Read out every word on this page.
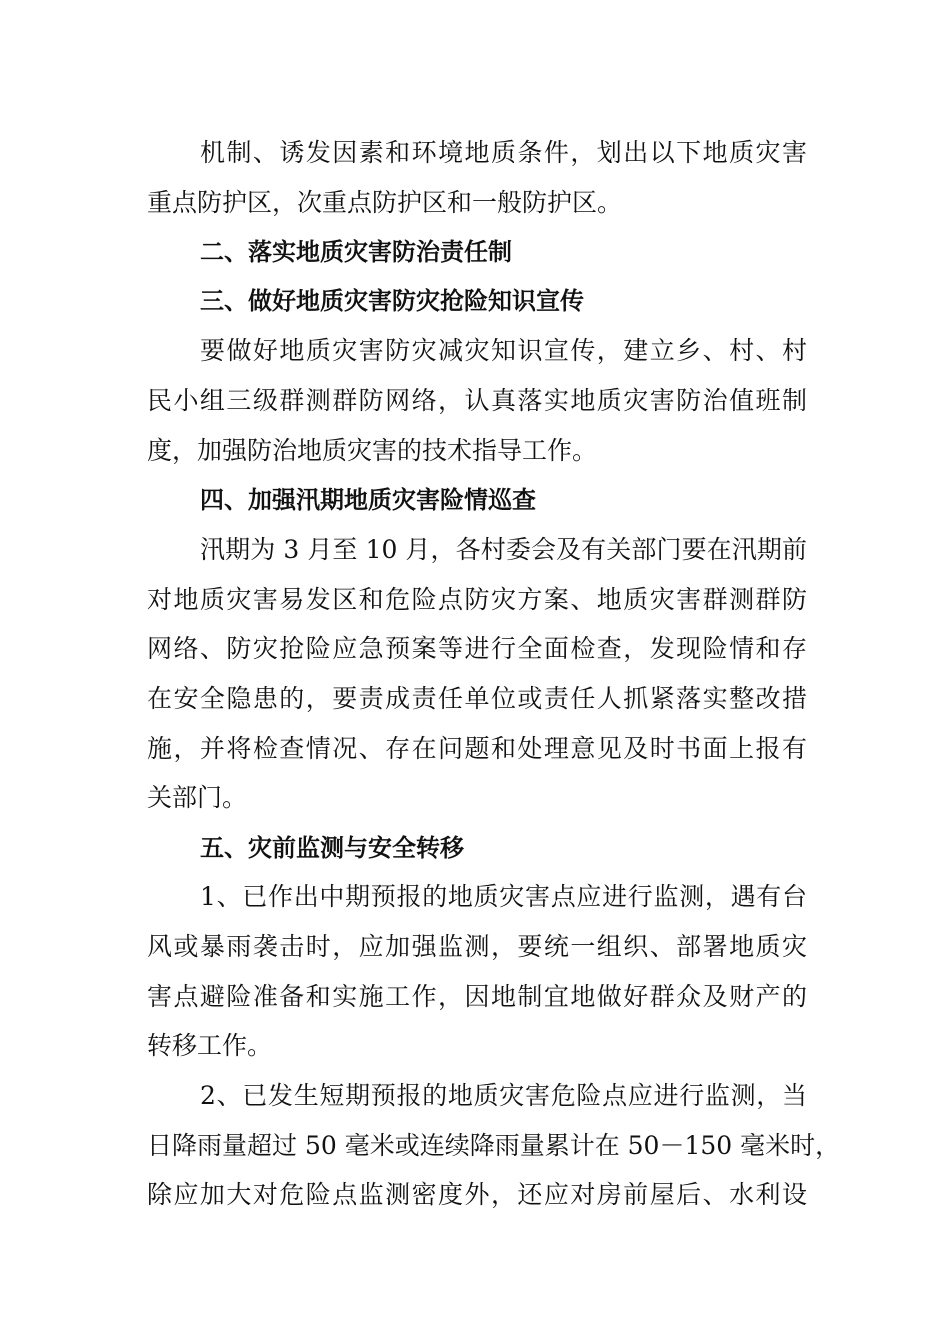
机制、诱发因素和环境地质条件，划出以下地质灾害
重点防护区，次重点防护区和一般防护区。
二、落实地质灾害防治责任制
三、做好地质灾害防灾抢险知识宣传
要做好地质灾害防灾减灾知识宣传，建立乡、村、村
民小组三级群测群防网络，认真落实地质灾害防治值班制
度，加强防治地质灾害的技术指导工作。
四、加强汛期地质灾害险情巡查
汛期为 3 月至 10 月，各村委会及有关部门要在汛期前
对地质灾害易发区和危险点防灾方案、地质灾害群测群防
网络、防灾抢险应急预案等进行全面检查，发现险情和存
在安全隐患的，要责成责任单位或责任人抓紧落实整改措
施，并将检查情况、存在问题和处理意见及时书面上报有
关部门。
五、灾前监测与安全转移
1、已作出中期预报的地质灾害点应进行监测，遇有台
风或暴雨袭击时，应加强监测，要统一组织、部署地质灾
害点避险准备和实施工作，因地制宜地做好群众及财产的
转移工作。
2、已发生短期预报的地质灾害危险点应进行监测，当
日降雨量超过 50 毫米或连续降雨量累计在 50－150 毫米时，
除应加大对危险点监测密度外，还应对房前屋后、水利设
